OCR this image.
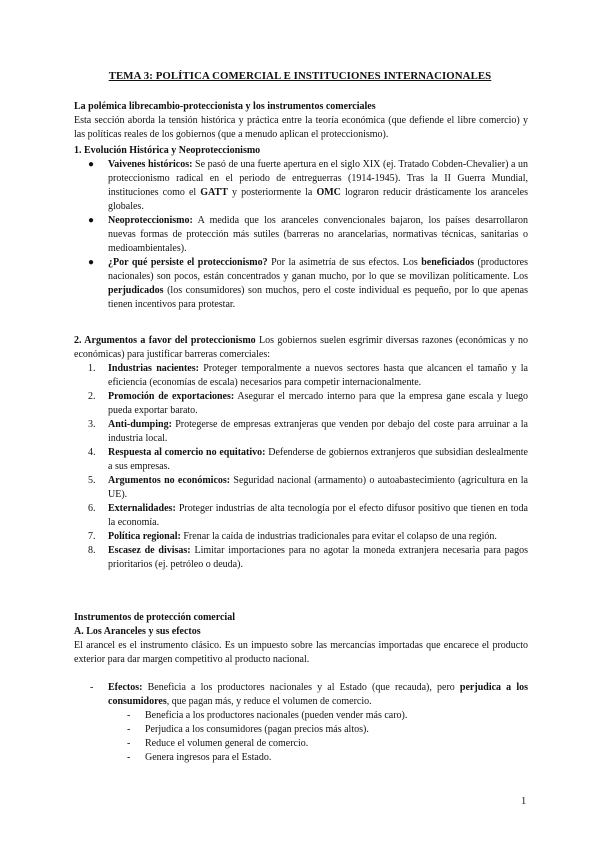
TEMA 3: POLÍTICA COMERCIAL E INSTITUCIONES INTERNACIONALES
La polémica librecambio-proteccionista y los instrumentos comerciales
Esta sección aborda la tensión histórica y práctica entre la teoría económica (que defiende el libre comercio) y las políticas reales de los gobiernos (que a menudo aplican el proteccionismo).
1. Evolución Histórica y Neoproteccionismo
● Vaivenes históricos: Se pasó de una fuerte apertura en el siglo XIX (ej. Tratado Cobden-Chevalier) a un proteccionismo radical en el periodo de entreguerras (1914-1945). Tras la II Guerra Mundial, instituciones como el GATT y posteriormente la OMC lograron reducir drásticamente los aranceles globales.
● Neoproteccionismo: A medida que los aranceles convencionales bajaron, los países desarrollaron nuevas formas de protección más sutiles (barreras no arancelarias, normativas técnicas, sanitarias o medioambientales).
● ¿Por qué persiste el proteccionismo? Por la asimetría de sus efectos. Los beneficiados (productores nacionales) son pocos, están concentrados y ganan mucho, por lo que se movilizan políticamente. Los perjudicados (los consumidores) son muchos, pero el coste individual es pequeño, por lo que apenas tienen incentivos para protestar.
2. Argumentos a favor del proteccionismo Los gobiernos suelen esgrimir diversas razones (económicas y no económicas) para justificar barreras comerciales:
1. Industrias nacientes: Proteger temporalmente a nuevos sectores hasta que alcancen el tamaño y la eficiencia (economías de escala) necesarios para competir internacionalmente.
2. Promoción de exportaciones: Asegurar el mercado interno para que la empresa gane escala y luego pueda exportar barato.
3. Anti-dumping: Protegerse de empresas extranjeras que venden por debajo del coste para arruinar a la industria local.
4. Respuesta al comercio no equitativo: Defenderse de gobiernos extranjeros que subsidian deslealmente a sus empresas.
5. Argumentos no económicos: Seguridad nacional (armamento) o autoabastecimiento (agricultura en la UE).
6. Externalidades: Proteger industrias de alta tecnología por el efecto difusor positivo que tienen en toda la economía.
7. Política regional: Frenar la caída de industrias tradicionales para evitar el colapso de una región.
8. Escasez de divisas: Limitar importaciones para no agotar la moneda extranjera necesaria para pagos prioritarios (ej. petróleo o deuda).
Instrumentos de protección comercial
A. Los Aranceles y sus efectos
El arancel es el instrumento clásico. Es un impuesto sobre las mercancías importadas que encarece el producto exterior para dar margen competitivo al producto nacional.
- Efectos: Beneficia a los productores nacionales y al Estado (que recauda), pero perjudica a los consumidores, que pagan más, y reduce el volumen de comercio.
- Beneficia a los productores nacionales (pueden vender más caro).
- Perjudica a los consumidores (pagan precios más altos).
- Reduce el volumen general de comercio.
- Genera ingresos para el Estado.
1
